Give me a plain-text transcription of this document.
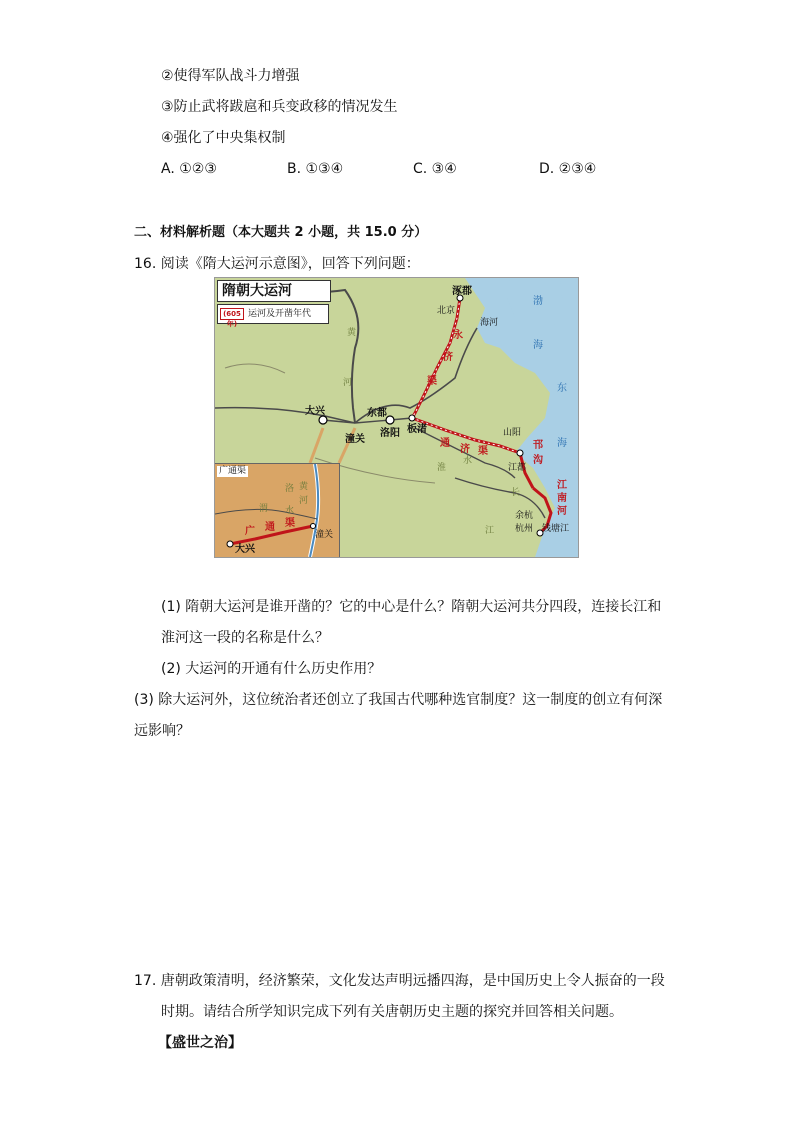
②使得军队战斗力增强
③防止武将跋扈和兵变政移的情况发生
④强化了中央集权制
A. ①②③	B. ①③④	C. ③④	D. ②③④
二、材料解析题（本大题共 2 小题，共 15.0 分）
16. 阅读《隋大运河示意图》，回答下列问题：
隋朝大运河
(605年)
运河及开凿年代
涿郡
北京
海河
大兴	东都
潼关
洛阳 板渚	山阳
江都
余杭
杭州 钱塘江
永
济
渠
通
济 渠
邗
沟
江
南
河
渤
海
东
海
黄
河
淮
水
长
江
广通渠
黄
河
洛
渭 水
广 通 渠
大兴
潼关
(1) 隋朝大运河是谁开凿的？它的中心是什么？隋朝大运河共分四段，连接长江和
淮河这一段的名称是什么？
(2) 大运河的开通有什么历史作用？
(3) 除大运河外，这位统治者还创立了我国古代哪种选官制度？这一制度的创立有何深
远影响？
17. 唐朝政策清明，经济繁荣，文化发达声明远播四海，是中国历史上令人振奋的一段
时期。请结合所学知识完成下列有关唐朝历史主题的探究并回答相关问题。
【盛世之治】
